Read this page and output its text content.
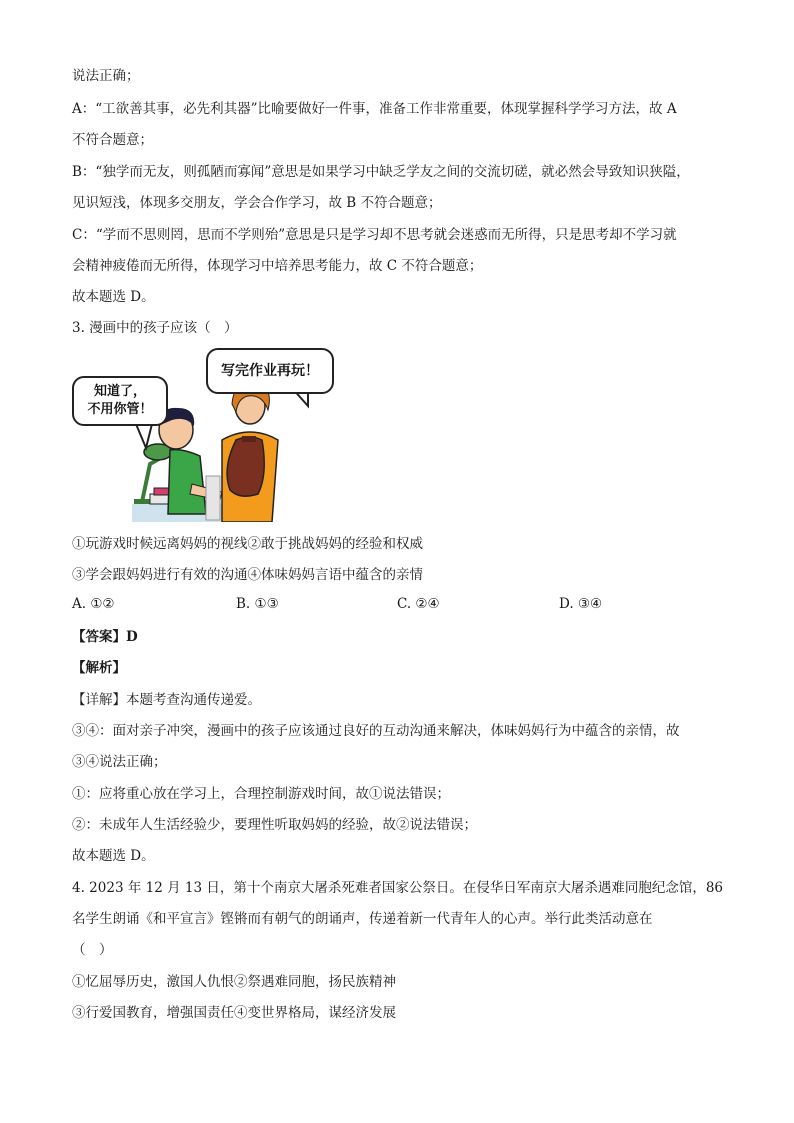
说法正确；
A：“工欲善其事，必先利其器”比喻要做好一件事，准备工作非常重要，体现掌握科学学习方法，故 A
不符合题意；
B：“独学而无友，则孤陋而寡闻”意思是如果学习中缺乏学友之间的交流切磋，就必然会导致知识狭隘，
见识短浅，体现多交朋友，学会合作学习，故 B 不符合题意；
C：“学而不思则罔，思而不学则殆”意思是只是学习却不思考就会迷惑而无所得，只是思考却不学习就
会精神疲倦而无所得，体现学习中培养思考能力，故 C 不符合题意；
故本题选 D。
3. 漫画中的孩子应该（　）
知道了，
不用你管！
写完作业再玩！
①玩游戏时候远离妈妈的视线②敢于挑战妈妈的经验和权威
③学会跟妈妈进行有效的沟通④体味妈妈言语中蕴含的亲情
A. ①②	B. ①③	C. ②④	D. ③④
【答案】D
【解析】
【详解】本题考查沟通传递爱。
③④：面对亲子冲突，漫画中的孩子应该通过良好的互动沟通来解决，体味妈妈行为中蕴含的亲情，故
③④说法正确；
①：应将重心放在学习上，合理控制游戏时间，故①说法错误；
②：未成年人生活经验少，要理性听取妈妈的经验，故②说法错误；
故本题选 D。
4. 2023 年 12 月 13 日，第十个南京大屠杀死难者国家公祭日。在侵华日军南京大屠杀遇难同胞纪念馆，86
名学生朗诵《和平宣言》铿锵而有朝气的朗诵声，传递着新一代青年人的心声。举行此类活动意在
（　）
①忆屈辱历史，激国人仇恨②祭遇难同胞，扬民族精神
③行爱国教育，增强国责任④变世界格局，谋经济发展
